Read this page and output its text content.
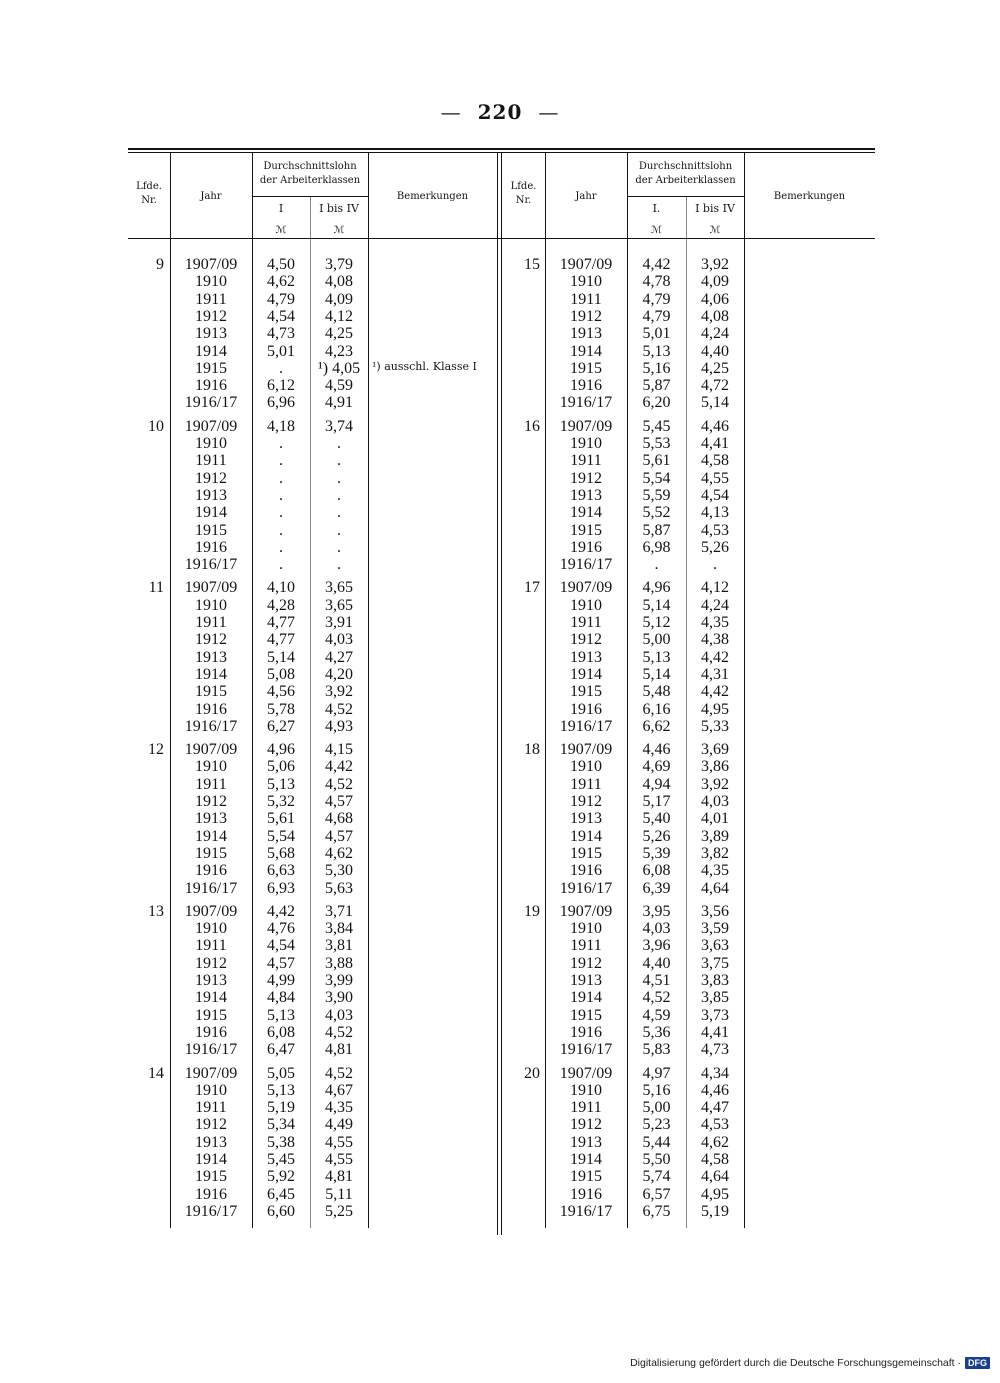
— 220 —
Lfde.
Nr.	Jahr
Durchschnittslohn
der Arbeiterklassen
I	I bis IV
ℳ	ℳ
Bemerkungen
Lfde.
Nr.	Jahr
Durchschnittslohn
der Arbeiterklassen
I.	I bis IV
ℳ	ℳ
Bemerkungen
9	1907/09	4,50	3,79
1910	4,62	4,08
1911	4,79	4,09
1912	4,54	4,12
1913	4,73	4,25
1914	5,01	4,23
1915	.	¹) 4,05
1916	6,12	4,59
1916/17	6,96	4,91
10	1907/09	4,18	3,74
1910	.	.
1911	.	.
1912	.	.
1913	.	.
1914	.	.
1915	.	.
1916	.	.
1916/17	.	.
11	1907/09	4,10	3,65
1910	4,28	3,65
1911	4,77	3,91
1912	4,77	4,03
1913	5,14	4,27
1914	5,08	4,20
1915	4,56	3,92
1916	5,78	4,52
1916/17	6,27	4,93
12	1907/09	4,96	4,15
1910	5,06	4,42
1911	5,13	4,52
1912	5,32	4,57
1913	5,61	4,68
1914	5,54	4,57
1915	5,68	4,62
1916	6,63	5,30
1916/17	6,93	5,63
13	1907/09	4,42	3,71
1910	4,76	3,84
1911	4,54	3,81
1912	4,57	3,88
1913	4,99	3,99
1914	4,84	3,90
1915	5,13	4,03
1916	6,08	4,52
1916/17	6,47	4,81
14	1907/09	5,05	4,52
1910	5,13	4,67
1911	5,19	4,35
1912	5,34	4,49
1913	5,38	4,55
1914	5,45	4,55
1915	5,92	4,81
1916	6,45	5,11
1916/17	6,60	5,25
15	1907/09	4,42	3,92
1910	4,78	4,09
1911	4,79	4,06
1912	4,79	4,08
1913	5,01	4,24
1914	5,13	4,40
1915	5,16	4,25
1916	5,87	4,72
1916/17	6,20	5,14
16	1907/09	5,45	4,46
1910	5,53	4,41
1911	5,61	4,58
1912	5,54	4,55
1913	5,59	4,54
1914	5,52	4,13
1915	5,87	4,53
1916	6,98	5,26
1916/17	.	.
17	1907/09	4,96	4,12
1910	5,14	4,24
1911	5,12	4,35
1912	5,00	4,38
1913	5,13	4,42
1914	5,14	4,31
1915	5,48	4,42
1916	6,16	4,95
1916/17	6,62	5,33
18	1907/09	4,46	3,69
1910	4,69	3,86
1911	4,94	3,92
1912	5,17	4,03
1913	5,40	4,01
1914	5,26	3,89
1915	5,39	3,82
1916	6,08	4,35
1916/17	6,39	4,64
19	1907/09	3,95	3,56
1910	4,03	3,59
1911	3,96	3,63
1912	4,40	3,75
1913	4,51	3,83
1914	4,52	3,85
1915	4,59	3,73
1916	5,36	4,41
1916/17	5,83	4,73
20	1907/09	4,97	4,34
1910	5,16	4,46
1911	5,00	4,47
1912	5,23	4,53
1913	5,44	4,62
1914	5,50	4,58
1915	5,74	4,64
1916	6,57	4,95
1916/17	6,75	5,19
¹) ausschl. Klasse I
Digitalisierung gefördert durch die Deutsche Forschungsgemeinschaft · DFG
